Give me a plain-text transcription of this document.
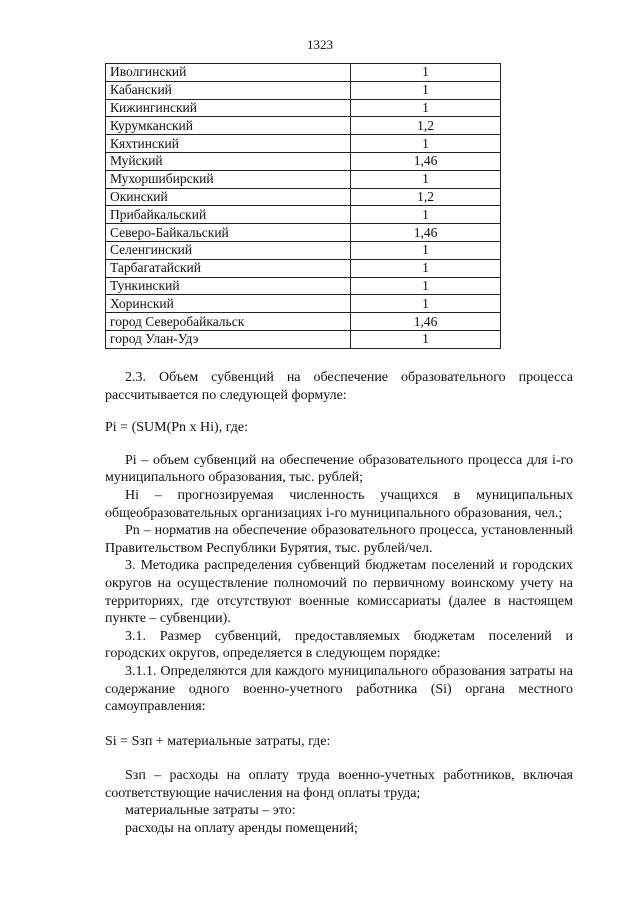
1323
Иволгинский	1
Кабанский	1
Кижингинский	1
Курумканский	1,2
Кяхтинский	1
Муйский	1,46
Мухоршибирский	1
Окинский	1,2
Прибайкальский	1
Северо-Байкальский	1,46
Селенгинский	1
Тарбагатайский	1
Тункинский	1
Хоринский	1
город Северобайкальск	1,46
город Улан-Удэ	1

2.3. Объем субвенций на обеспечение образовательного процесса рассчитывается по следующей формуле:

Pi = (SUM(Pn x Hi), где:

Pi – объем субвенций на обеспечение образовательного процесса для i-го муниципального образования, тыс. рублей;

Hi – прогнозируемая численность учащихся в муниципальных общеобразовательных организациях i-го муниципального образования, чел.;

Pn – норматив на обеспечение образовательного процесса, установленный Правительством Республики Бурятия, тыс. рублей/чел.

3. Методика распределения субвенций бюджетам поселений и городских округов на осуществление полномочий по первичному воинскому учету на территориях, где отсутствуют военные комиссариаты (далее в настоящем пункте – субвенции).

3.1. Размер субвенций, предоставляемых бюджетам поселений и городских округов, определяется в следующем порядке:

3.1.1. Определяются для каждого муниципального образования затраты на содержание одного военно-учетного работника (Si) органа местного самоуправления:

Si = Sзп + материальные затраты, где:

Sзп – расходы на оплату труда военно-учетных работников, включая соответствующие начисления на фонд оплаты труда;

материальные затраты – это:

расходы на оплату аренды помещений;
